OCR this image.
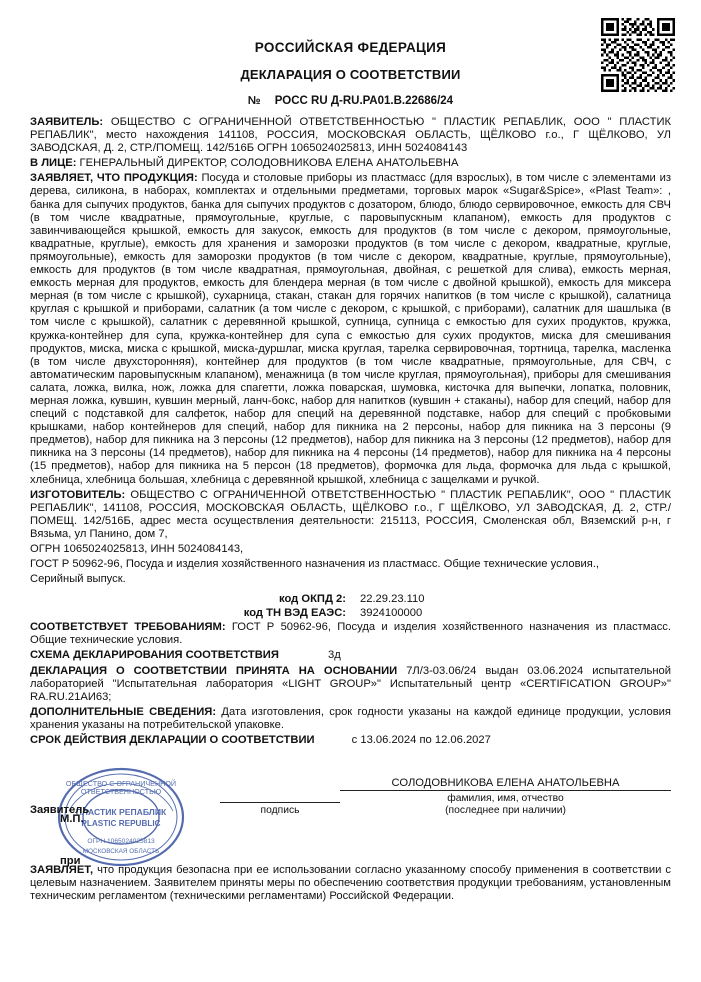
РОССИЙСКАЯ ФЕДЕРАЦИЯ
ДЕКЛАРАЦИЯ О СООТВЕТСТВИИ
№ РОСС RU Д-RU.РА01.В.22686/24
ЗАЯВИТЕЛЬ: ОБЩЕСТВО С ОГРАНИЧЕННОЙ ОТВЕТСТВЕННОСТЬЮ " ПЛАСТИК РЕПАБЛИК, ООО " ПЛАСТИК РЕПАБЛИК", место нахождения 141108, РОССИЯ, МОСКОВСКАЯ ОБЛАСТЬ, ЩЁЛКОВО г.о., Г ЩЁЛКОВО, УЛ ЗАВОДСКАЯ, Д. 2, СТР./ПОМЕЩ. 142/516Б ОГРН 1065024025813, ИНН 5024084143
В ЛИЦЕ: ГЕНЕРАЛЬНЫЙ ДИРЕКТОР, СОЛОДОВНИКОВА ЕЛЕНА АНАТОЛЬЕВНА
ЗАЯВЛЯЕТ, ЧТО ПРОДУКЦИЯ: Посуда и столовые приборы из пластмасс (для взрослых), в том числе с элементами из дерева, силикона, в наборах, комплектах и отдельными предметами, торговых марок «Sugar&Spice», «Plast Team»: , банка для сыпучих продуктов, банка для сыпучих продуктов с дозатором, блюдо, блюдо сервировочное, емкость для СВЧ (в том числе квадратные, прямоугольные, круглые, с паровыпускным клапаном), емкость для продуктов с завинчивающейся крышкой, емкость для закусок, емкость для продуктов (в том числе с декором, прямоугольные, квадратные, круглые), емкость для хранения и заморозки продуктов (в том числе с декором, квадратные, круглые, прямоугольные), емкость для заморозки продуктов (в том числе с декором, квадратные, круглые, прямоугольные), емкость для продуктов (в том числе квадратная, прямоугольная, двойная, с решеткой для слива), емкость мерная, емкость мерная для продуктов, емкость для блендера мерная (в том числе с двойной крышкой), емкость для миксера мерная (в том числе с крышкой), сухарница, стакан, стакан для горячих напитков (в том числе с крышкой), салатница круглая с крышкой и приборами, салатник (а том числе с декором, с крышкой, с приборами), салатник для шашлыка (в том числе с крышкой), салатник с деревянной крышкой, супница, супница с емкостью для сухих продуктов, кружка, кружка-контейнер для супа, кружка-контейнер для супа с емкостью для сухих продуктов, миска для смешивания продуктов, миска, миска с крышкой, миска-дуршлаг, миска круглая, тарелка сервировочная, тортница, тарелка, масленка (в том числе двухсторонняя), контейнер для продуктов (в том числе квадратные, прямоугольные, для СВЧ, с автоматическим паровыпускным клапаном), менажница (в том числе круглая, прямоугольная), приборы для смешивания салата, ложка, вилка, нож, ложка для спагетти, ложка поварская, шумовка, кисточка для выпечки, лопатка, половник, мерная ложка, кувшин, кувшин мерный, ланч-бокс, набор для напитков (кувшин + стаканы), набор для специй, набор для специй с подставкой для салфеток, набор для специй на деревянной подставке, набор для специй с пробковыми крышками, набор контейнеров для специй, набор для пикника на 2 персоны, набор для пикника на 3 персоны (9 предметов), набор для пикника на 3 персоны (12 предметов), набор для пикника на 3 персоны (12 предметов), набор для пикника на 3 персоны (14 предметов), набор для пикника на 4 персоны (14 предметов), набор для пикника на 4 персоны (15 предметов), набор для пикника на 5 персон (18 предметов), формочка для льда, формочка для льда с крышкой, хлебница, хлебница большая, хлебница с деревянной крышкой, хлебница с защелками и ручкой.
ИЗГОТОВИТЕЛЬ: ОБЩЕСТВО С ОГРАНИЧЕННОЙ ОТВЕТСТВЕННОСТЬЮ " ПЛАСТИК РЕПАБЛИК", ООО " ПЛАСТИК РЕПАБЛИК", 141108, РОССИЯ, МОСКОВСКАЯ ОБЛАСТЬ, ЩЁЛКОВО г.о., Г ЩЁЛКОВО, УЛ ЗАВОДСКАЯ, Д. 2, СТР./ПОМЕЩ. 142/516Б, адрес места осуществления деятельности: 215113, РОССИЯ, Смоленская обл, Вяземский р-н, г Вязьма, ул Панино, дом 7,
ОГРН 1065024025813, ИНН 5024084143,
ГОСТ Р 50962-96, Посуда и изделия хозяйственного назначения из пластмасс. Общие технические условия.,
Серийный выпуск.
код ОКПД 2:	22.29.23.110
код ТН ВЭД ЕАЭС:	3924100000
СООТВЕТСТВУЕТ ТРЕБОВАНИЯМ: ГОСТ Р 50962-96, Посуда и изделия хозяйственного назначения из пластмасс. Общие технические условия.
СХЕМА ДЕКЛАРИРОВАНИЯ СООТВЕТСТВИЯ	3д
ДЕКЛАРАЦИЯ О СООТВЕТСТВИИ ПРИНЯТА НА ОСНОВАНИИ 7Л/3-03.06/24 выдан 03.06.2024 испытательной лабораторией "Испытательная лаборатория «LIGHT GROUP»" Испытательный центр «CERTIFICATION GROUP»" RA.RU.21АИ63;
ДОПОЛНИТЕЛЬНЫЕ СВЕДЕНИЯ: Дата изготовления, срок годности указаны на каждой единице продукции, условия хранения указаны на потребительской упаковке.
СРОК ДЕЙСТВИЯ ДЕКЛАРАЦИИ О СООТВЕТСТВИИ	с 13.06.2024 по 12.06.2027
ОБЩЕСТВО С ОГРАНИЧЕННОЙ
ОТВЕТСТВЕННОСТЬЮ
ПЛАСТИК РЕПАБЛИК
PLASTIC REPUBLIC
ОГРН 1065024025813
МОСКОВСКАЯ ОБЛАСТЬ
М.П.
Заявитель	подпись
СОЛОДОВНИКОВА ЕЛЕНА АНАТОЛЬЕВНА
фамилия, имя, отчество
(последнее при наличии)
при
ЗАЯВЛЯЕТ, что продукция безопасна при ее использовании согласно указанному способу применения в соответствии с целевым назначением. Заявителем приняты меры по обеспечению соответствия продукции требованиям, установленным техническим регламентом (техническими регламентами) Российской Федерации.
